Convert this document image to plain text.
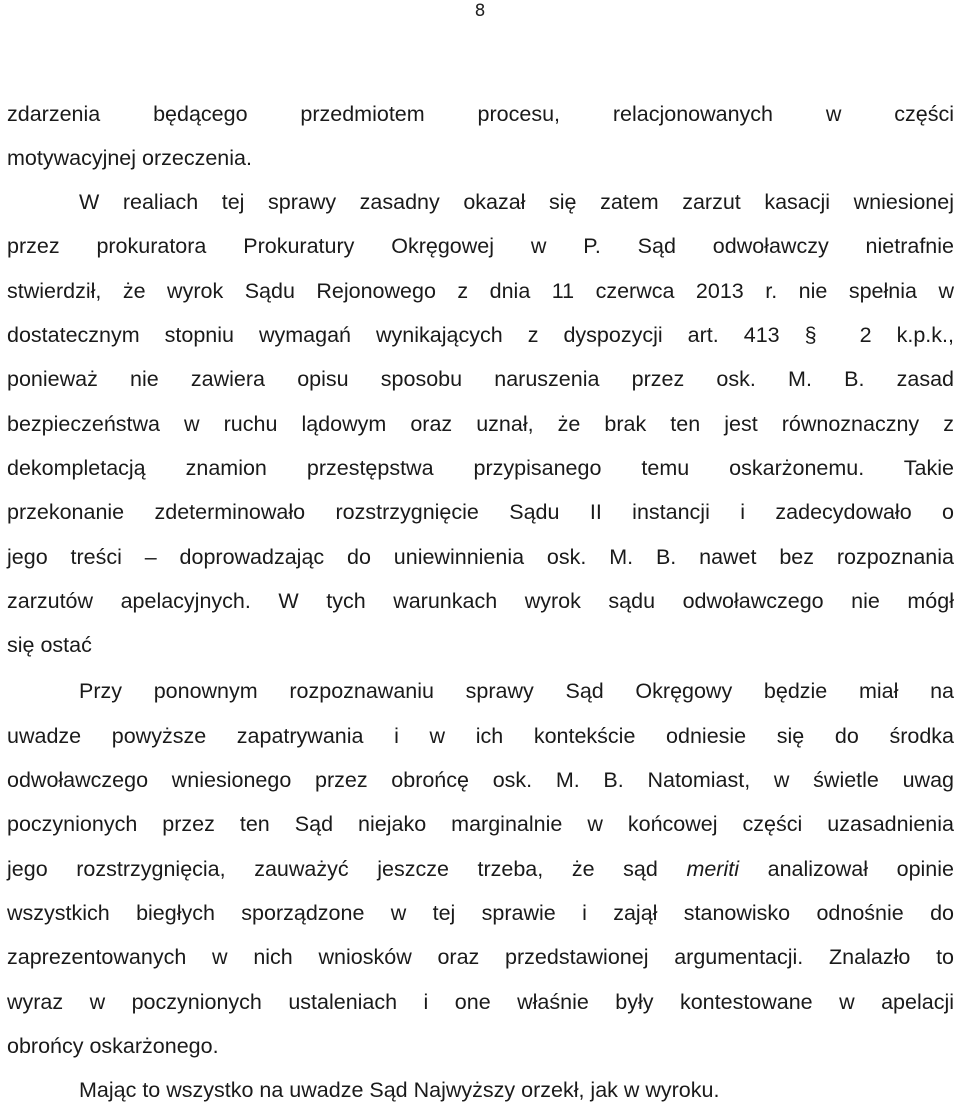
8
zdarzenia będącego przedmiotem procesu, relacjonowanych w części
motywacyjnej orzeczenia.
W realiach tej sprawy zasadny okazał się zatem zarzut kasacji wniesionej
przez prokuratora Prokuratury Okręgowej w P. Sąd odwoławczy nietrafnie
stwierdził, że wyrok Sądu Rejonowego z dnia 11 czerwca 2013 r. nie spełnia w
dostatecznym stopniu wymagań wynikających z dyspozycji art. 413 §	2 k.p.k.,
ponieważ nie zawiera opisu sposobu naruszenia przez osk. M. B. zasad
bezpieczeństwa w ruchu lądowym oraz uznał, że brak ten jest równoznaczny z
dekompletacją znamion przestępstwa przypisanego temu oskarżonemu. Takie
przekonanie zdeterminowało rozstrzygnięcie Sądu II instancji i zadecydowało o
jego treści – doprowadzając do uniewinnienia osk. M. B. nawet bez rozpoznania
zarzutów apelacyjnych. W tych warunkach wyrok sądu odwoławczego nie mógł
się ostać
Przy ponownym rozpoznawaniu sprawy Sąd Okręgowy będzie miał na
uwadze powyższe zapatrywania i w ich kontekście odniesie się do środka
odwoławczego wniesionego przez obrońcę osk. M. B. Natomiast, w świetle uwag
poczynionych przez ten Sąd niejako marginalnie w końcowej części uzasadnienia
jego rozstrzygnięcia, zauważyć jeszcze trzeba, że sąd meriti analizował opinie
wszystkich biegłych sporządzone w tej sprawie i zajął stanowisko odnośnie do
zaprezentowanych w nich wniosków oraz przedstawionej argumentacji. Znalazło to
wyraz w poczynionych ustaleniach i one właśnie były kontestowane w apelacji
obrońcy oskarżonego.
Mając to wszystko na uwadze Sąd Najwyższy orzekł, jak w wyroku.
